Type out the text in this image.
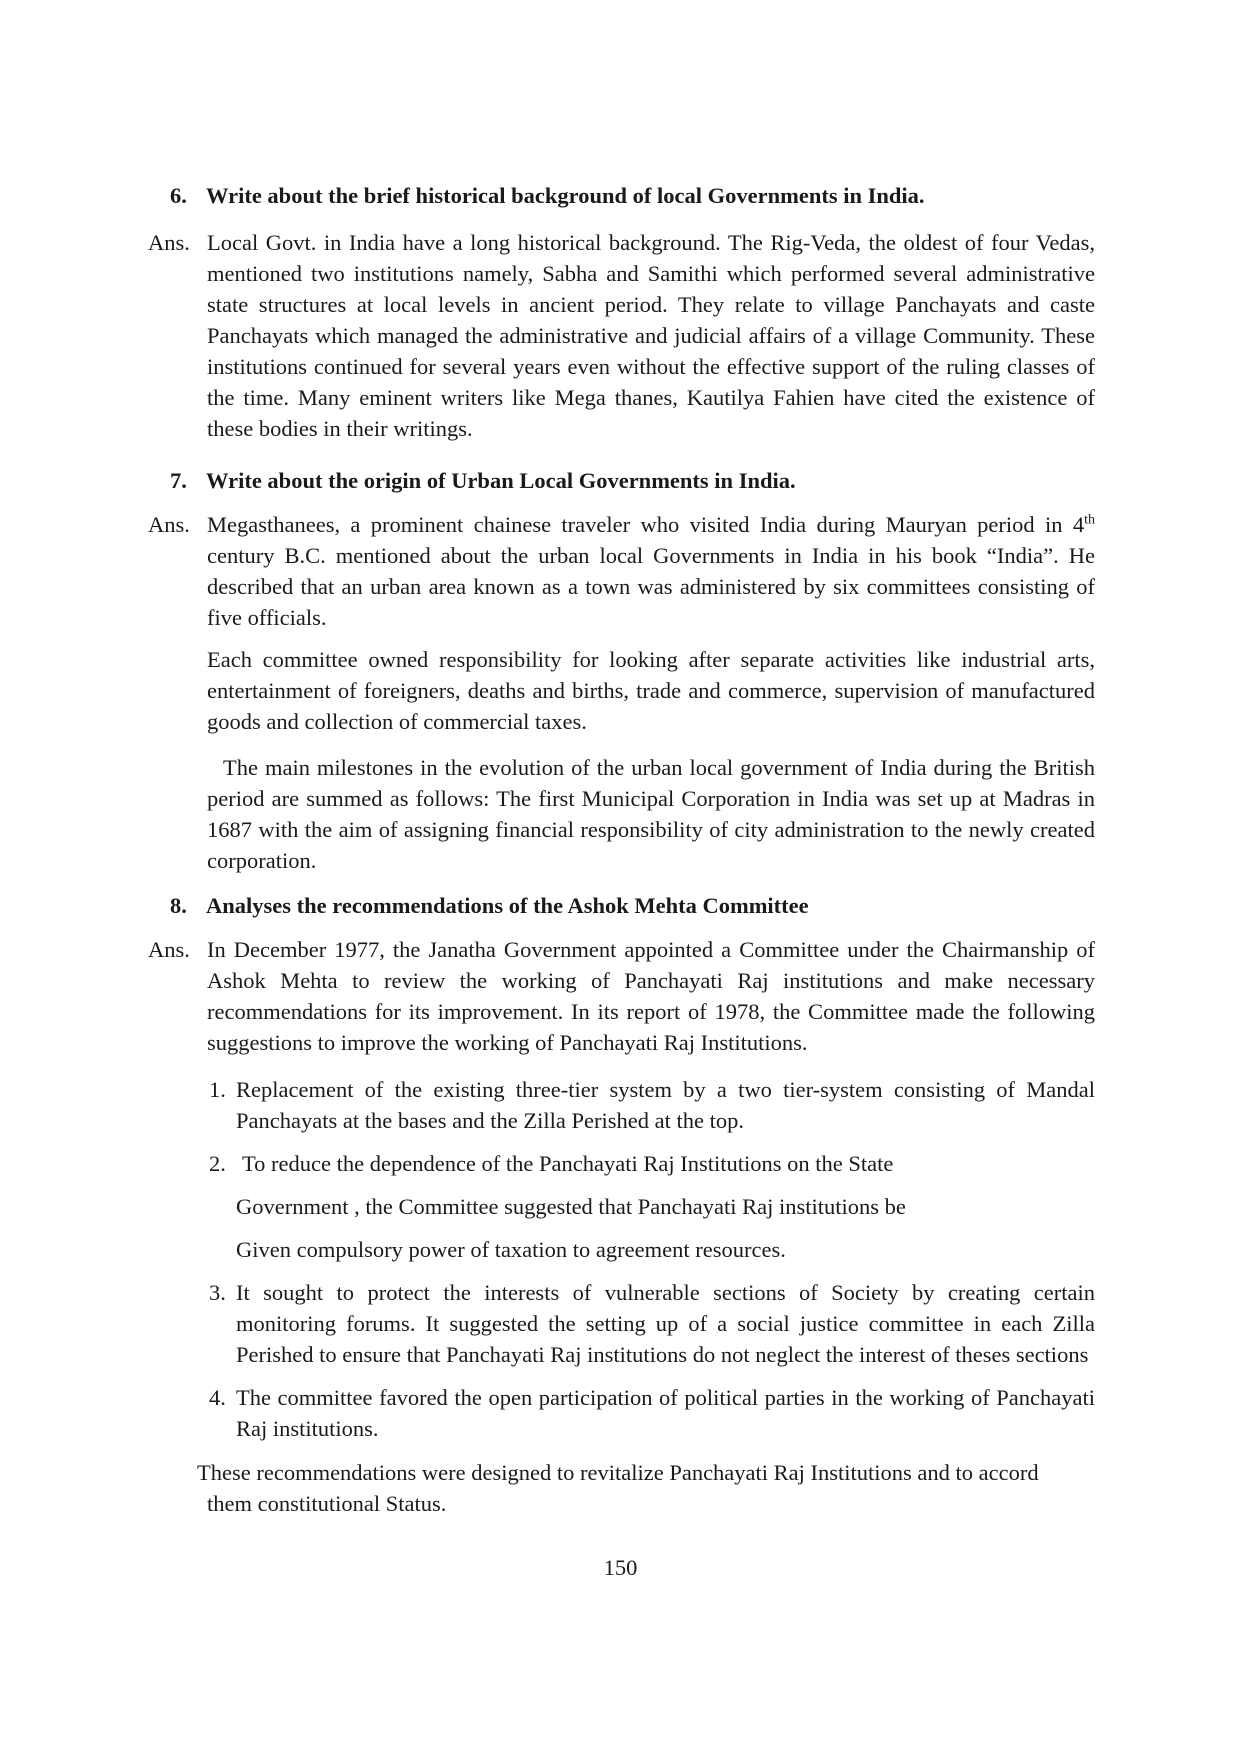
6. Write about the brief historical background of local Governments in India.
Ans. Local Govt. in India have a long historical background. The Rig-Veda, the oldest of four Vedas, mentioned two institutions namely, Sabha and Samithi which performed several administrative state structures at local levels in ancient period. They relate to village Panchayats and caste Panchayats which managed the administrative and judicial affairs of a village Community. These institutions continued for several years even without the effective support of the ruling classes of the time. Many eminent writers like Mega thanes, Kautilya Fahien have cited the existence of these bodies in their writings.
7. Write about the origin of Urban Local Governments in India.
Ans. Megasthanees, a prominent chainese traveler who visited India during Mauryan period in 4th century B.C. mentioned about the urban local Governments in India in his book “India”. He described that an urban area known as a town was administered by six committees consisting of five officials.
Each committee owned responsibility for looking after separate activities like industrial arts, entertainment of foreigners, deaths and births, trade and commerce, supervision of manufactured goods and collection of commercial taxes.
The main milestones in the evolution of the urban local government of India during the British period are summed as follows: The first Municipal Corporation in India was set up at Madras in 1687 with the aim of assigning financial responsibility of city administration to the newly created corporation.
8. Analyses the recommendations of the Ashok Mehta Committee
Ans. In December 1977, the Janatha Government appointed a Committee under the Chairmanship of Ashok Mehta to review the working of Panchayati Raj institutions and make necessary recommendations for its improvement. In its report of 1978, the Committee made the following suggestions to improve the working of Panchayati Raj Institutions.
1. Replacement of the existing three-tier system by a two tier-system consisting of Mandal Panchayats at the bases and the Zilla Perished at the top.
2. To reduce the dependence of the Panchayati Raj Institutions on the State
Government , the Committee suggested that Panchayati Raj institutions be
Given compulsory power of taxation to agreement resources.
3. It sought to protect the interests of vulnerable sections of Society by creating certain monitoring forums. It suggested the setting up of a social justice committee in each Zilla Perished to ensure that Panchayati Raj institutions do not neglect the interest of theses sections
4. The committee favored the open participation of political parties in the working of Panchayati Raj institutions.
These recommendations were designed to revitalize Panchayati Raj Institutions and to accord
them constitutional Status.
150
